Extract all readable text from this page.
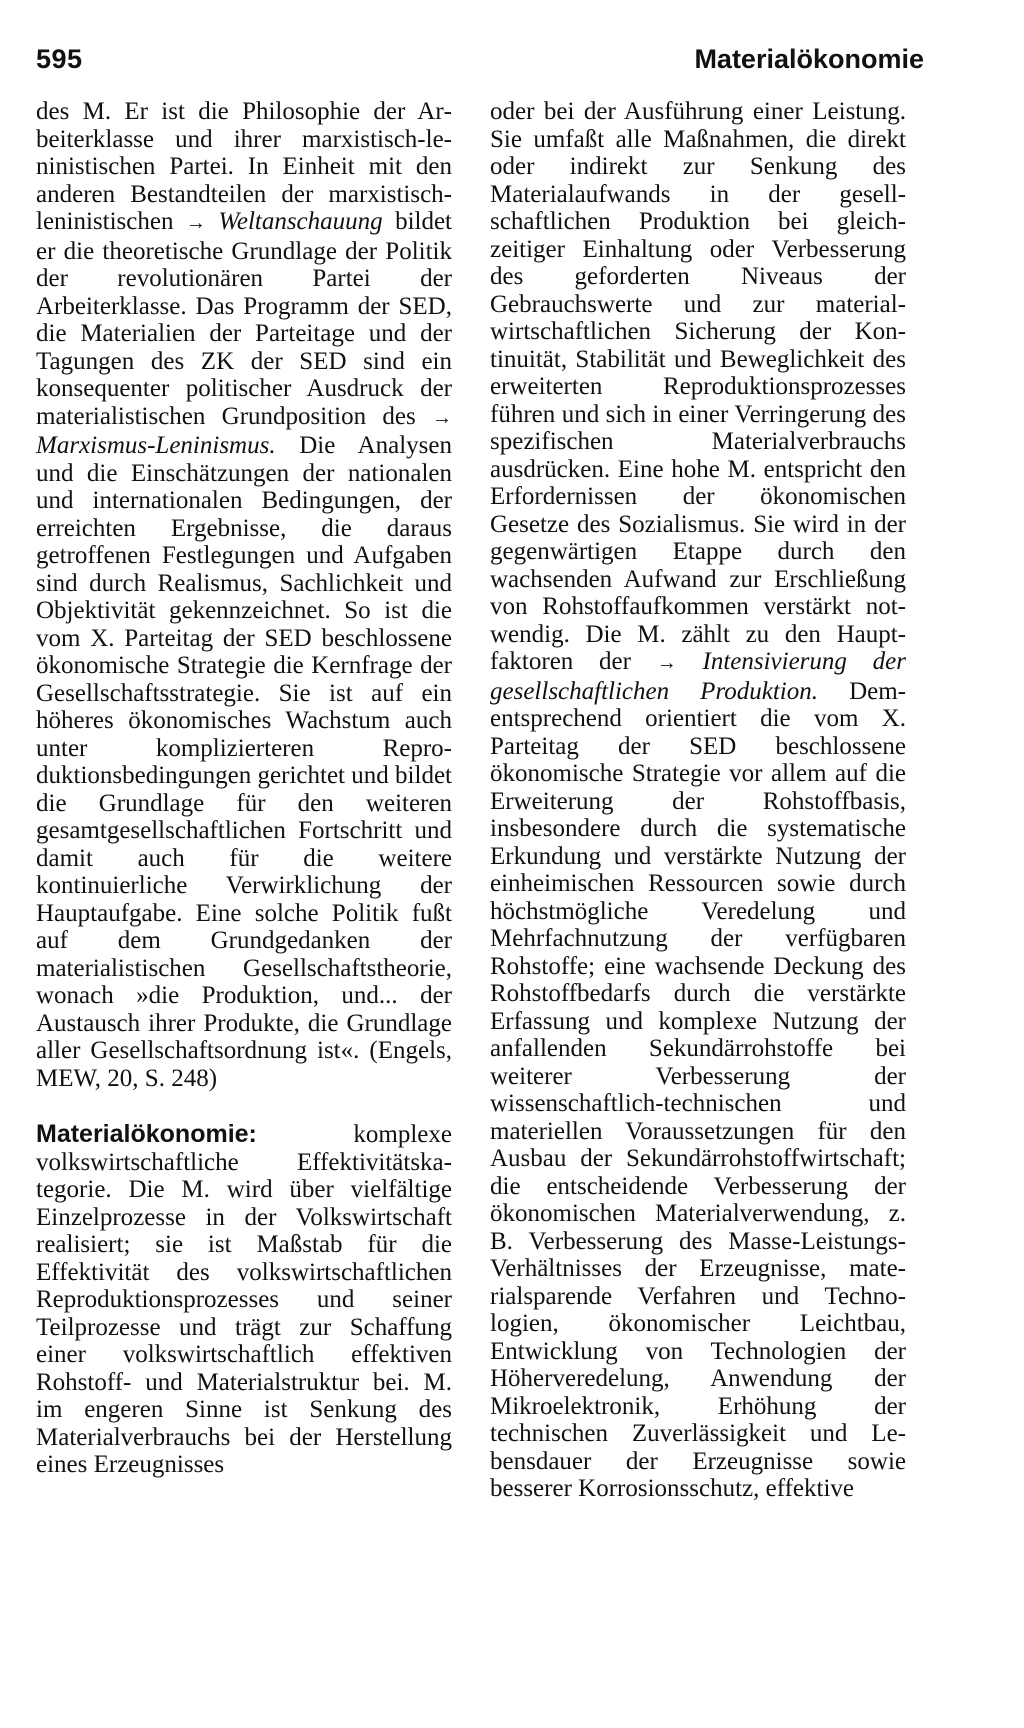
595	Materialökonomie

des M. Er ist die Philosophie der Arbeiterklasse und ihrer marxistisch-leninistischen Partei. In Einheit mit den anderen Bestandteilen der marxistisch-leninistischen → Weltanschauung bildet er die theoretische Grundlage der Politik der revolutionären Partei der Arbeiterklasse. Das Programm der SED, die Materialien der Parteitage und der Tagungen des ZK der SED sind ein konsequenter politischer Ausdruck der materialistischen Grundposition des → Marxismus-Leninismus. Die Analysen und die Einschätzungen der nationalen und internationalen Bedingungen, der erreichten Ergebnisse, die daraus getroffenen Festlegungen und Aufgaben sind durch Realismus, Sachlichkeit und Objektivität gekennzeichnet. So ist die vom X. Parteitag der SED beschlossene ökonomische Strategie die Kernfrage der Gesellschaftsstrategie. Sie ist auf ein höheres ökonomisches Wachstum auch unter komplizierteren Reproduktionsbedingungen gerichtet und bildet die Grundlage für den weiteren gesamtgesellschaftlichen Fortschritt und damit auch für die weitere kontinuierliche Verwirklichung der Hauptaufgabe. Eine solche Politik fußt auf dem Grundgedanken der materialistischen Gesellschaftstheorie, wonach »die Produktion, und... der Austausch ihrer Produkte, die Grundlage aller Gesellschaftsordnung ist«. (Engels, MEW, 20, S. 248)

Materialökonomie: komplexe volkswirtschaftliche Effektivitätskategorie. Die M. wird über vielfältige Einzelprozesse in der Volkswirtschaft realisiert; sie ist Maßstab für die Effektivität des volkswirtschaftlichen Reproduktionsprozesses und seiner Teilprozesse und trägt zur Schaffung einer volkswirtschaftlich effektiven Rohstoff- und Materialstruktur bei. M. im engeren Sinne ist Senkung des Materialverbrauchs bei der Herstellung eines Erzeugnisses

oder bei der Ausführung einer Leistung. Sie umfaßt alle Maßnahmen, die direkt oder indirekt zur Senkung des Materialaufwands in der gesellschaftlichen Produktion bei gleichzeitiger Einhaltung oder Verbesserung des geforderten Niveaus der Gebrauchswerte und zur materialwirtschaftlichen Sicherung der Kontinuität, Stabilität und Beweglichkeit des erweiterten Reproduktionsprozesses führen und sich in einer Verringerung des spezifischen Materialverbrauchs ausdrücken. Eine hohe M. entspricht den Erfordernissen der ökonomischen Gesetze des Sozialismus. Sie wird in der gegenwärtigen Etappe durch den wachsenden Aufwand zur Erschließung von Rohstoffaufkommen verstärkt notwendig. Die M. zählt zu den Hauptfaktoren der → Intensivierung der gesellschaftlichen Produktion. Dementsprechend orientiert die vom X. Parteitag der SED beschlossene ökonomische Strategie vor allem auf die Erweiterung der Rohstoffbasis, insbesondere durch die systematische Erkundung und verstärkte Nutzung der einheimischen Ressourcen sowie durch höchstmögliche Veredelung und Mehrfachnutzung der verfügbaren Rohstoffe; eine wachsende Deckung des Rohstoffbedarfs durch die verstärkte Erfassung und komplexe Nutzung der anfallenden Sekundärrohstoffe bei weiterer Verbesserung der wissenschaftlich-technischen und materiellen Voraussetzungen für den Ausbau der Sekundärrohstoffwirtschaft; die entscheidende Verbesserung der ökonomischen Materialverwendung, z. B. Verbesserung des Masse-Leistungs-Verhältnisses der Erzeugnisse, materialsparende Verfahren und Technologien, ökonomischer Leichtbau, Entwicklung von Technologien der Höherveredelung, Anwendung der Mikroelektronik, Erhöhung der technischen Zuverlässigkeit und Lebensdauer der Erzeugnisse sowie besserer Korrosionsschutz, effektive
